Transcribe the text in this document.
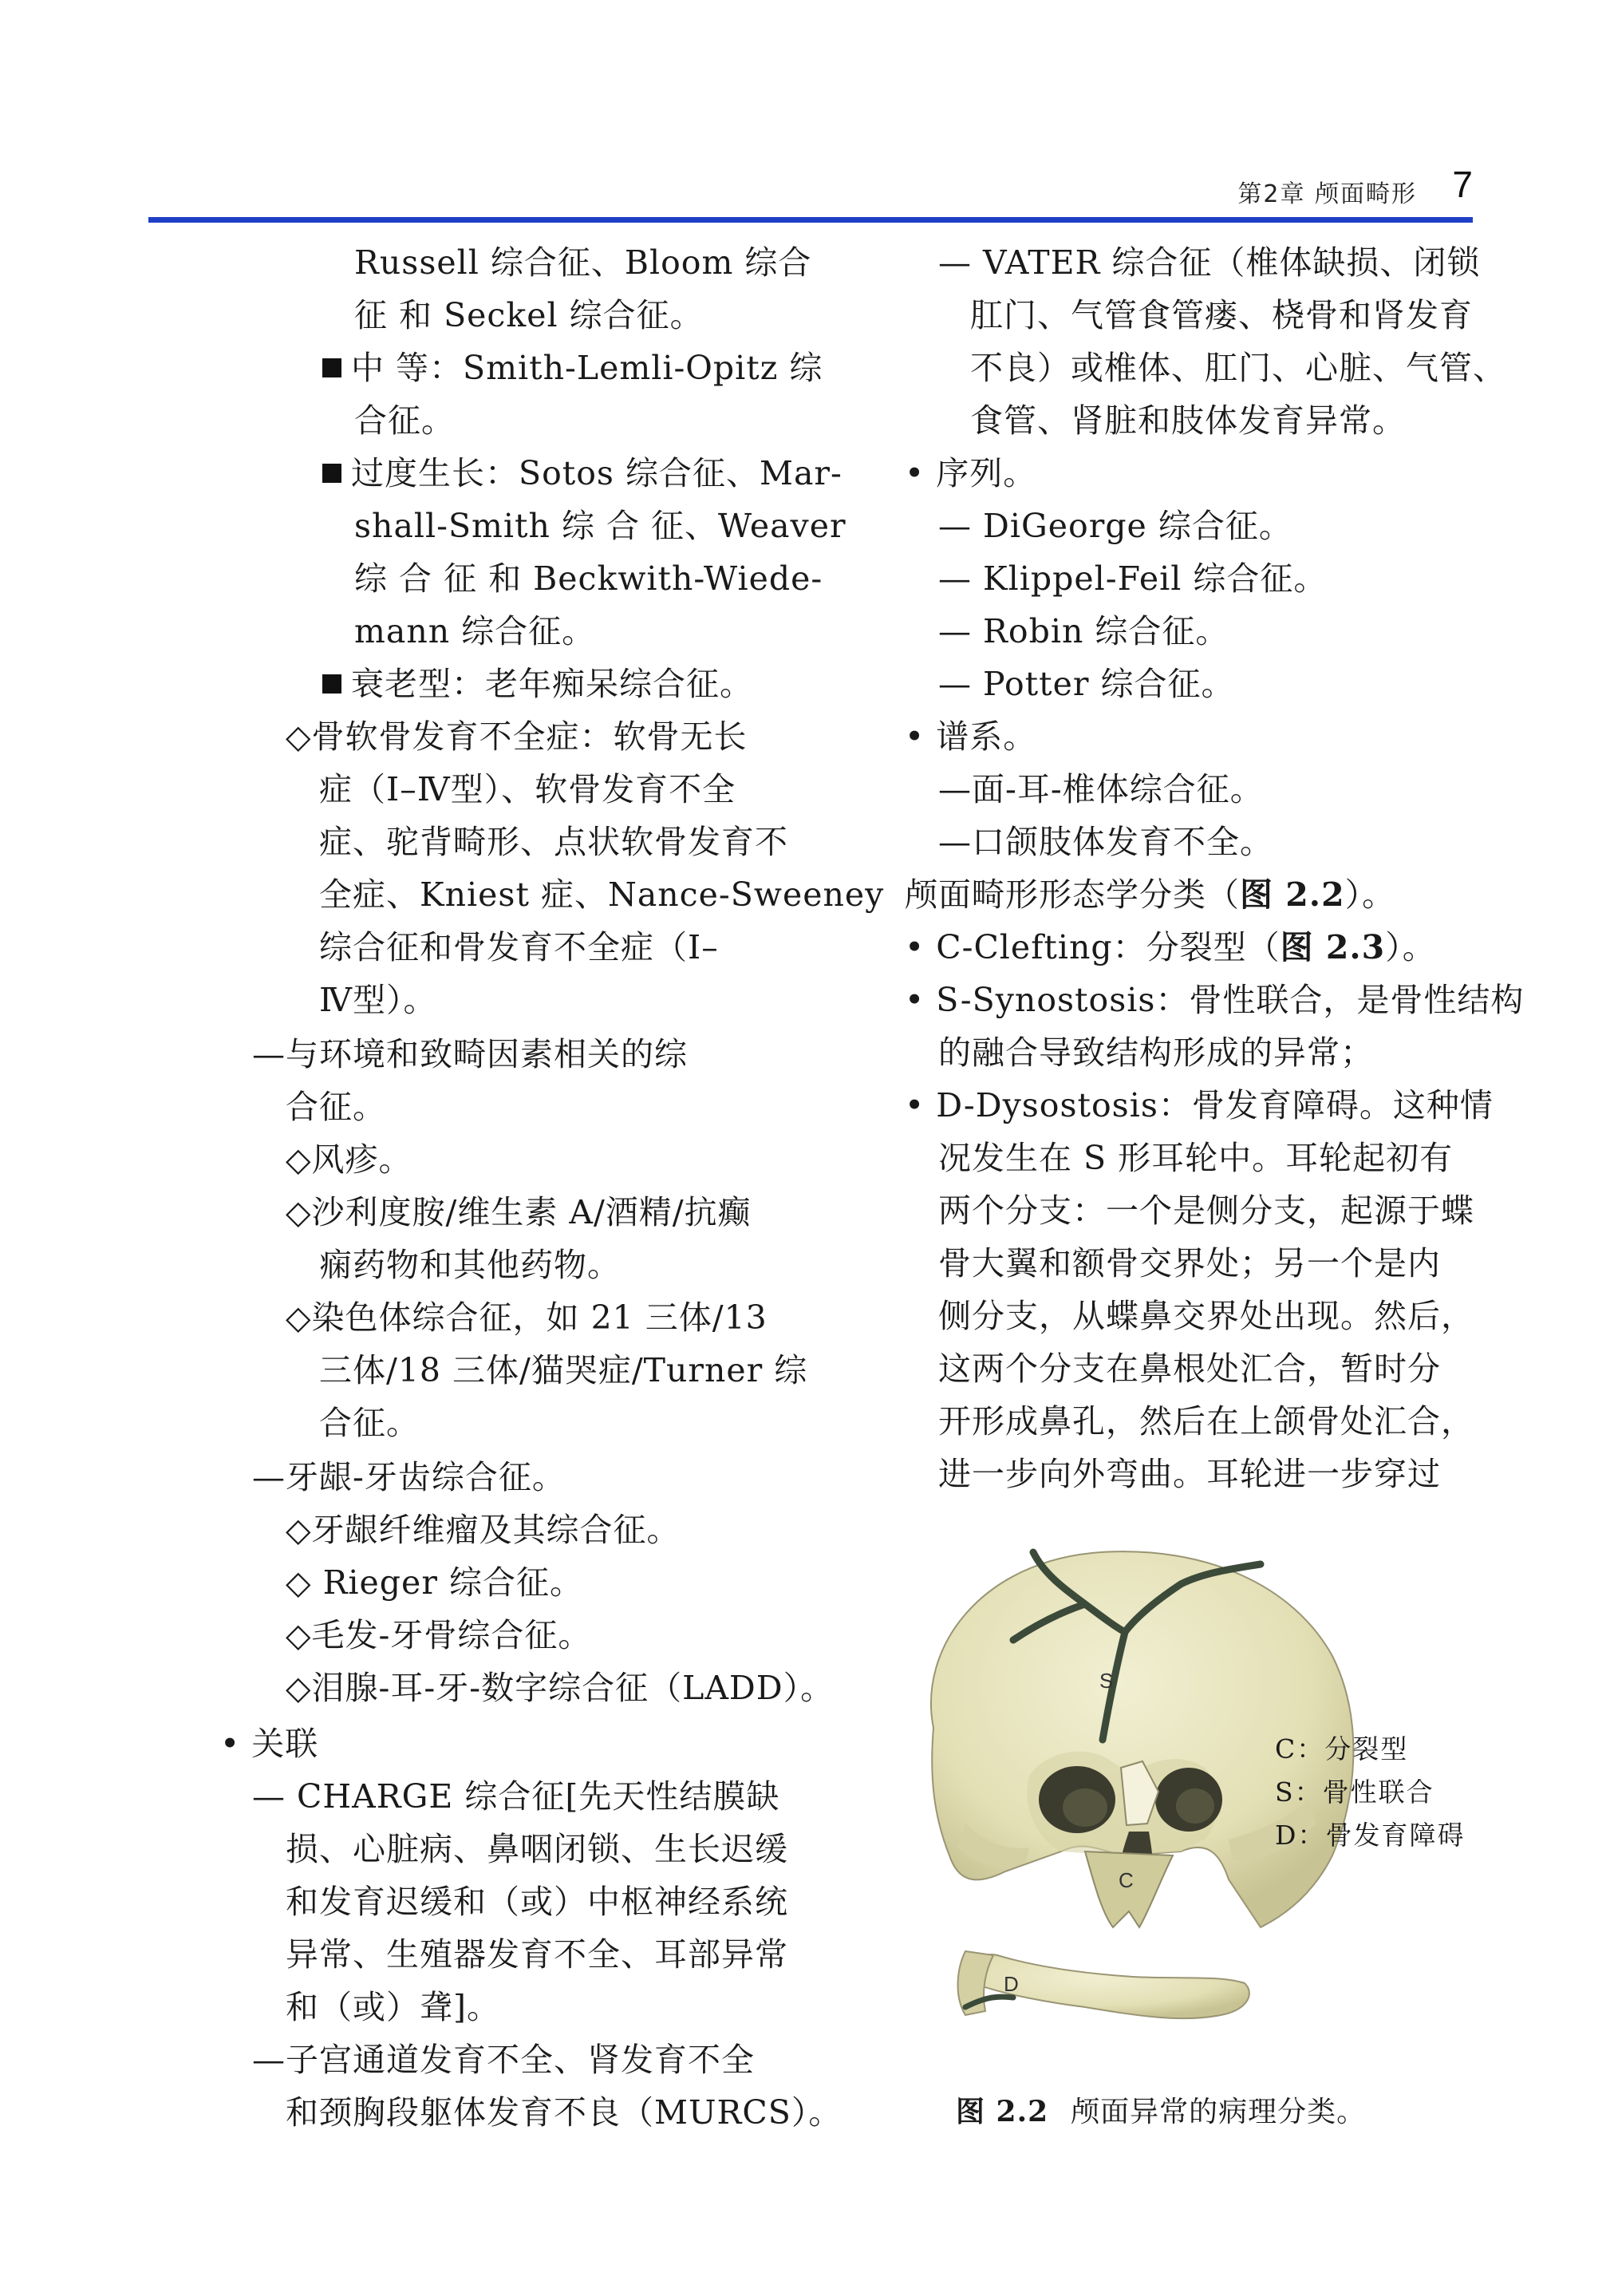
第2章 颅面畸形 7
Russell 综合征、Bloom 综合
征 和 Seckel 综合征。
中 等：Smith-Lemli-Opitz 综
合征。
过度生长：Sotos 综合征、Mar-
shall-Smith 综 合 征、Weaver
综 合 征 和 Beckwith-Wiede-
mann 综合征。
衰老型：老年痴呆综合征。
◇骨软骨发育不全症：软骨无长
症（Ⅰ–Ⅳ型）、软骨发育不全
症、驼背畸形、点状软骨发育不
全症、Kniest 症、Nance-Sweeney
综合征和骨发育不全症（Ⅰ–
Ⅳ型）。
—与环境和致畸因素相关的综
合征。
◇风疹。
◇沙利度胺/维生素 A/酒精/抗癫
痫药物和其他药物。
◇染色体综合征，如 21 三体/13
三体/18 三体/猫哭症/Turner 综
合征。
—牙龈-牙齿综合征。
◇牙龈纤维瘤及其综合征。
◇ Rieger 综合征。
◇毛发-牙骨综合征。
◇泪腺-耳-牙-数字综合征（LADD）。
• 关联
— CHARGE 综合征[先天性结膜缺
损、心脏病、鼻咽闭锁、生长迟缓
和发育迟缓和（或）中枢神经系统
异常、生殖器发育不全、耳部异常
和（或）聋]。
—子宫通道发育不全、肾发育不全
和颈胸段躯体发育不良（MURCS）。
— VATER 综合征（椎体缺损、闭锁
肛门、气管食管瘘、桡骨和肾发育
不良）或椎体、肛门、心脏、气管、
食管、肾脏和肢体发育异常。
• 序列。
— DiGeorge 综合征。
— Klippel-Feil 综合征。
— Robin 综合征。
— Potter 综合征。
• 谱系。
—面-耳-椎体综合征。
—口颌肢体发育不全。
颅面畸形形态学分类（图 2.2）。
• C-Clefting：分裂型（图 2.3）。
• S-Synostosis：骨性联合，是骨性结构
的融合导致结构形成的异常；
• D-Dysostosis：骨发育障碍。这种情
况发生在 S 形耳轮中。耳轮起初有
两个分支：一个是侧分支，起源于蝶
骨大翼和额骨交界处；另一个是内
侧分支，从蝶鼻交界处出现。然后，
这两个分支在鼻根处汇合，暂时分
开形成鼻孔，然后在上颌骨处汇合，
进一步向外弯曲。耳轮进一步穿过
S
C
D
C：分裂型
S：骨性联合
D：骨发育障碍
图 2.2 颅面异常的病理分类。
